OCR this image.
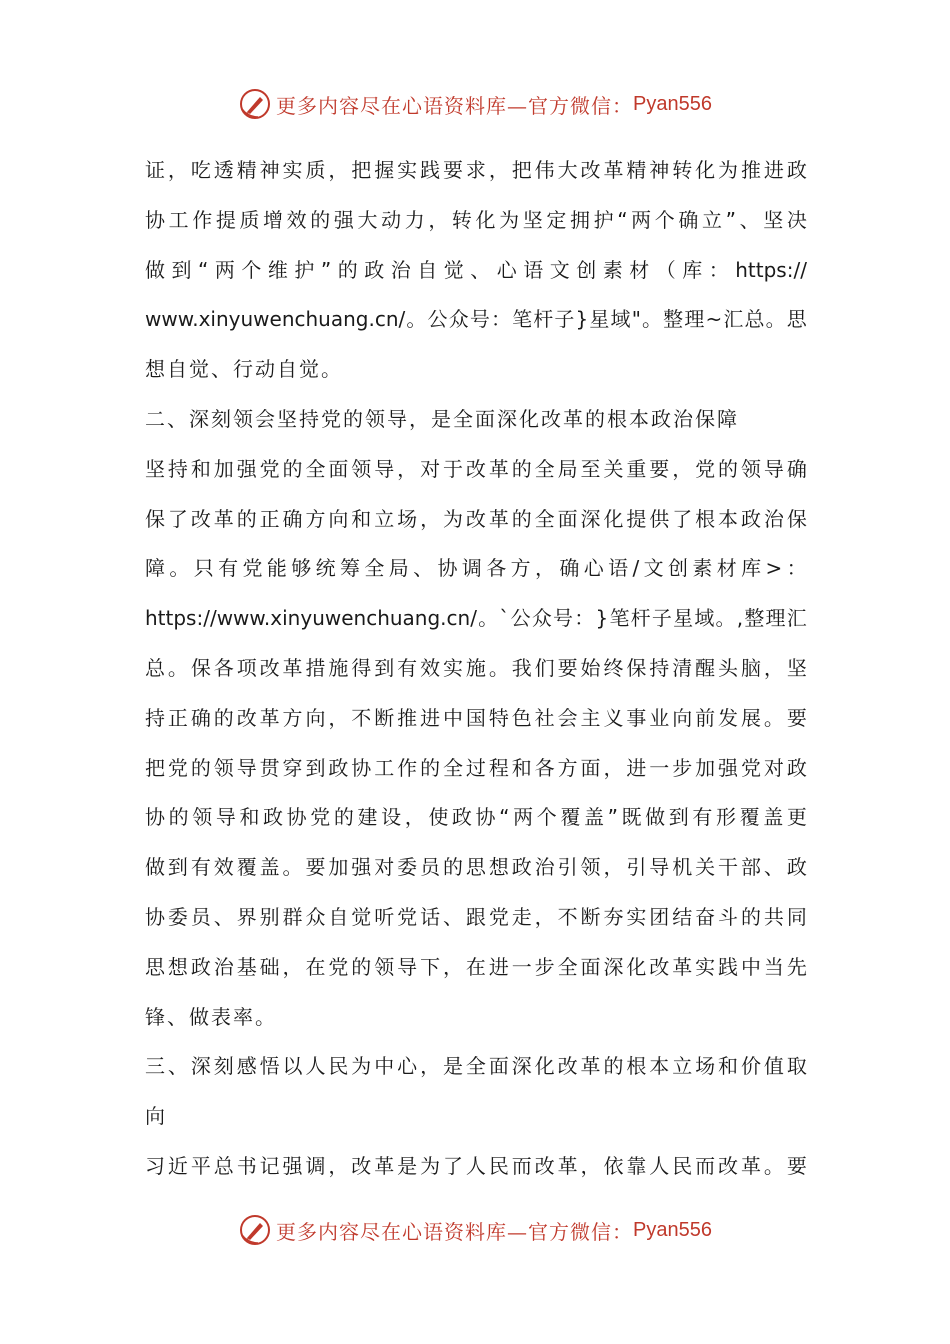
更多内容尽在心语资料库—官方微信： Pyan556
证 ， 吃 透 精 神 实 质 ， 把 握 实 践 要 求 ， 把 伟 大 改 革 精 神 转 化 为 推 进 政
协 工 作 提 质 增 效 的 强 大 动 力 ， 转 化 为 坚 定 拥 护 “ 两 个 确 立 ” 、 坚 决
做 到 “ 两 个 维 护 ” 的 政 治 自 觉 、 心 语 文 创 素 材 （ 库 ： https://
www.xinyuwenchuang.cn/ 。 公 众 号 ： 笔 杆 子 } 星 域 " 。 整 理 ~ 汇 总 。 思
想自觉、行动自觉。
二、深刻领会坚持党的领导，是全面深化改革的根本政治保障
坚 持 和 加 强 党 的 全 面 领 导 ， 对 于 改 革 的 全 局 至 关 重 要 ， 党 的 领 导 确
保 了 改 革 的 正 确 方 向 和 立 场 ， 为 改 革 的 全 面 深 化 提 供 了 根 本 政 治 保
障 。 只 有 党 能 够 统 筹 全 局 、 协 调 各 方 ， 确 心 语 / 文 创 素 材 库 > ：
https://www.xinyuwenchuang.cn/ 。 ` 公 众 号 ： } 笔 杆 子 星 域 。 , 整 理 汇
总 。 保 各 项 改 革 措 施 得 到 有 效 实 施 。 我 们 要 始 终 保 持 清 醒 头 脑 ， 坚
持 正 确 的 改 革 方 向 ， 不 断 推 进 中 国 特 色 社 会 主 义 事 业 向 前 发 展 。 要
把 党 的 领 导 贯 穿 到 政 协 工 作 的 全 过 程 和 各 方 面 ， 进 一 步 加 强 党 对 政
协 的 领 导 和 政 协 党 的 建 设 ， 使 政 协 “ 两 个 覆 盖 ” 既 做 到 有 形 覆 盖 更
做 到 有 效 覆 盖 。 要 加 强 对 委 员 的 思 想 政 治 引 领 ， 引 导 机 关 干 部 、 政
协 委 员 、 界 别 群 众 自 觉 听 党 话 、 跟 党 走 ， 不 断 夯 实 团 结 奋 斗 的 共 同
思 想 政 治 基 础 ， 在 党 的 领 导 下 ， 在 进 一 步 全 面 深 化 改 革 实 践 中 当 先
锋、做表率。
三 、 深 刻 感 悟 以 人 民 为 中 心 ， 是 全 面 深 化 改 革 的 根 本 立 场 和 价 值 取
向
习 近 平 总 书 记 强 调 ， 改 革 是 为 了 人 民 而 改 革 ， 依 靠 人 民 而 改 革 。 要
更多内容尽在心语资料库—官方微信： Pyan556
